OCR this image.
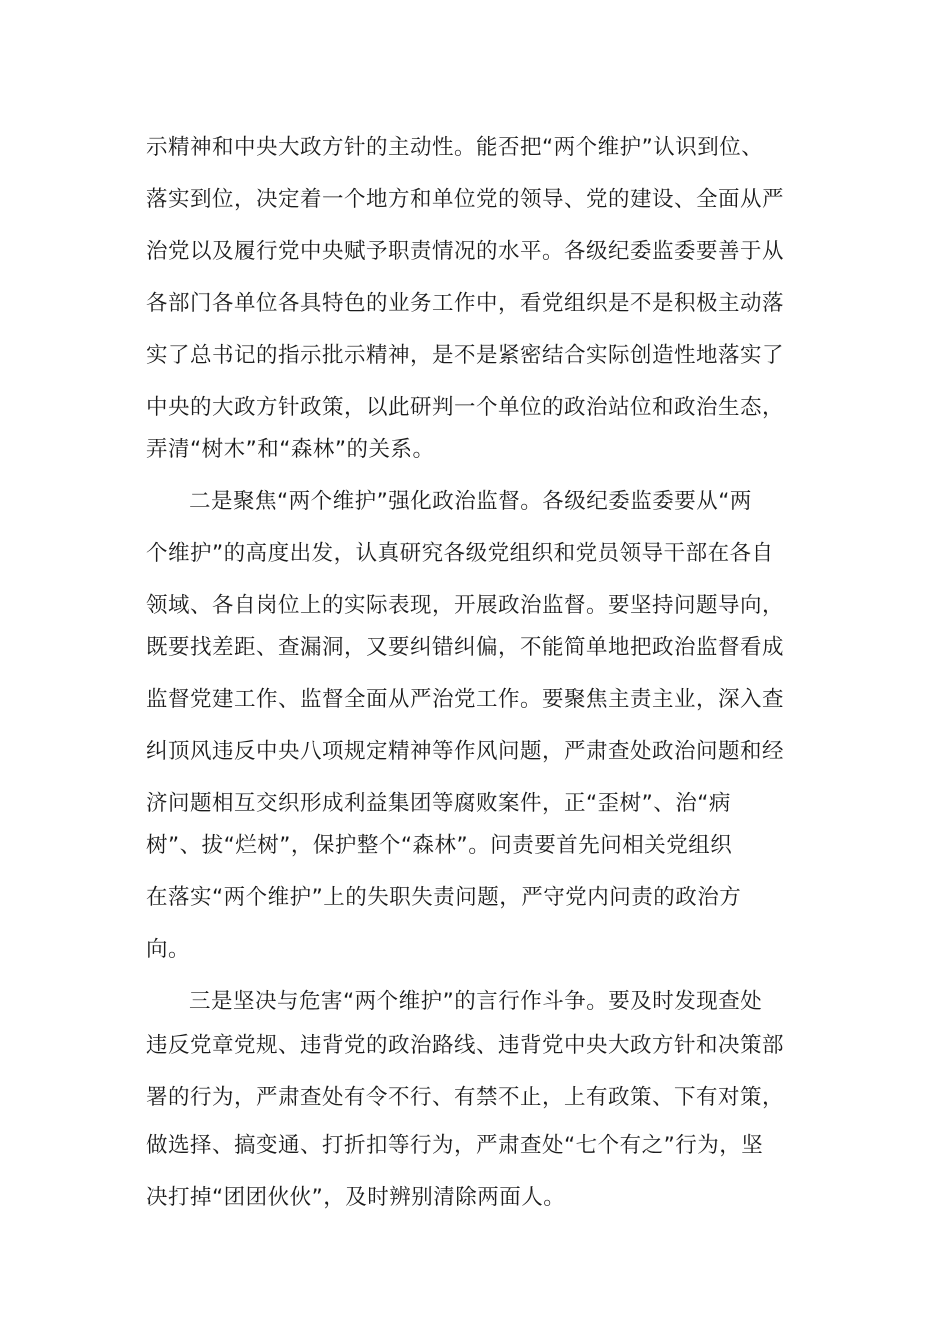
示精神和中央大政方针的主动性。能否把“两个维护”认识到位、
落实到位，决定着一个地方和单位党的领导、党的建设、全面从严
治党以及履行党中央赋予职责情况的水平。各级纪委监委要善于从
各部门各单位各具特色的业务工作中，看党组织是不是积极主动落
实了总书记的指示批示精神，是不是紧密结合实际创造性地落实了
中央的大政方针政策，以此研判一个单位的政治站位和政治生态，
弄清“树木”和“森林”的关系。
二是聚焦“两个维护”强化政治监督。各级纪委监委要从“两
个维护”的高度出发，认真研究各级党组织和党员领导干部在各自
领域、各自岗位上的实际表现，开展政治监督。要坚持问题导向，
既要找差距、查漏洞，又要纠错纠偏，不能简单地把政治监督看成
监督党建工作、监督全面从严治党工作。要聚焦主责主业，深入查
纠顶风违反中央八项规定精神等作风问题，严肃查处政治问题和经
济问题相互交织形成利益集团等腐败案件，正“歪树”、治“病
树”、拔“烂树”，保护整个“森林”。问责要首先问相关党组织
在落实“两个维护”上的失职失责问题，严守党内问责的政治方
向。
三是坚决与危害“两个维护”的言行作斗争。要及时发现查处
违反党章党规、违背党的政治路线、违背党中央大政方针和决策部
署的行为，严肃查处有令不行、有禁不止，上有政策、下有对策，
做选择、搞变通、打折扣等行为，严肃查处“七个有之”行为，坚
决打掉“团团伙伙”，及时辨别清除两面人。
